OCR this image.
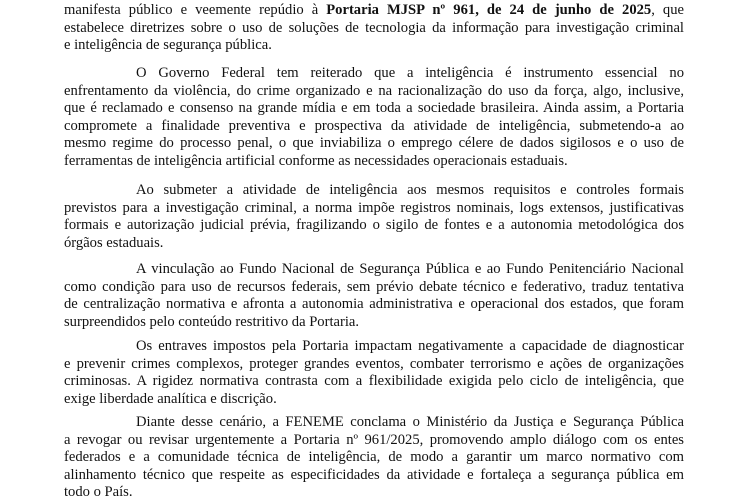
manifesta público e veemente repúdio à Portaria MJSP nº 961, de 24 de junho de 2025, que
estabelece diretrizes sobre o uso de soluções de tecnologia da informação para investigação criminal
e inteligência de segurança pública.
O Governo Federal tem reiterado que a inteligência é instrumento essencial no
enfrentamento da violência, do crime organizado e na racionalização do uso da força, algo, inclusive,
que é reclamado e consenso na grande mídia e em toda a sociedade brasileira. Ainda assim, a Portaria
compromete a finalidade preventiva e prospectiva da atividade de inteligência, submetendo-a ao
mesmo regime do processo penal, o que inviabiliza o emprego célere de dados sigilosos e o uso de
ferramentas de inteligência artificial conforme as necessidades operacionais estaduais.
Ao submeter a atividade de inteligência aos mesmos requisitos e controles formais
previstos para a investigação criminal, a norma impõe registros nominais, logs extensos, justificativas
formais e autorização judicial prévia, fragilizando o sigilo de fontes e a autonomia metodológica dos
órgãos estaduais.
A vinculação ao Fundo Nacional de Segurança Pública e ao Fundo Penitenciário Nacional
como condição para uso de recursos federais, sem prévio debate técnico e federativo, traduz tentativa
de centralização normativa e afronta a autonomia administrativa e operacional dos estados, que foram
surpreendidos pelo conteúdo restritivo da Portaria.
Os entraves impostos pela Portaria impactam negativamente a capacidade de diagnosticar
e prevenir crimes complexos, proteger grandes eventos, combater terrorismo e ações de organizações
criminosas. A rigidez normativa contrasta com a flexibilidade exigida pelo ciclo de inteligência, que
exige liberdade analítica e discrição.
Diante desse cenário, a FENEME conclama o Ministério da Justiça e Segurança Pública
a revogar ou revisar urgentemente a Portaria nº 961/2025, promovendo amplo diálogo com os entes
federados e a comunidade técnica de inteligência, de modo a garantir um marco normativo com
alinhamento técnico que respeite as especificidades da atividade e fortaleça a segurança pública em
todo o País.
